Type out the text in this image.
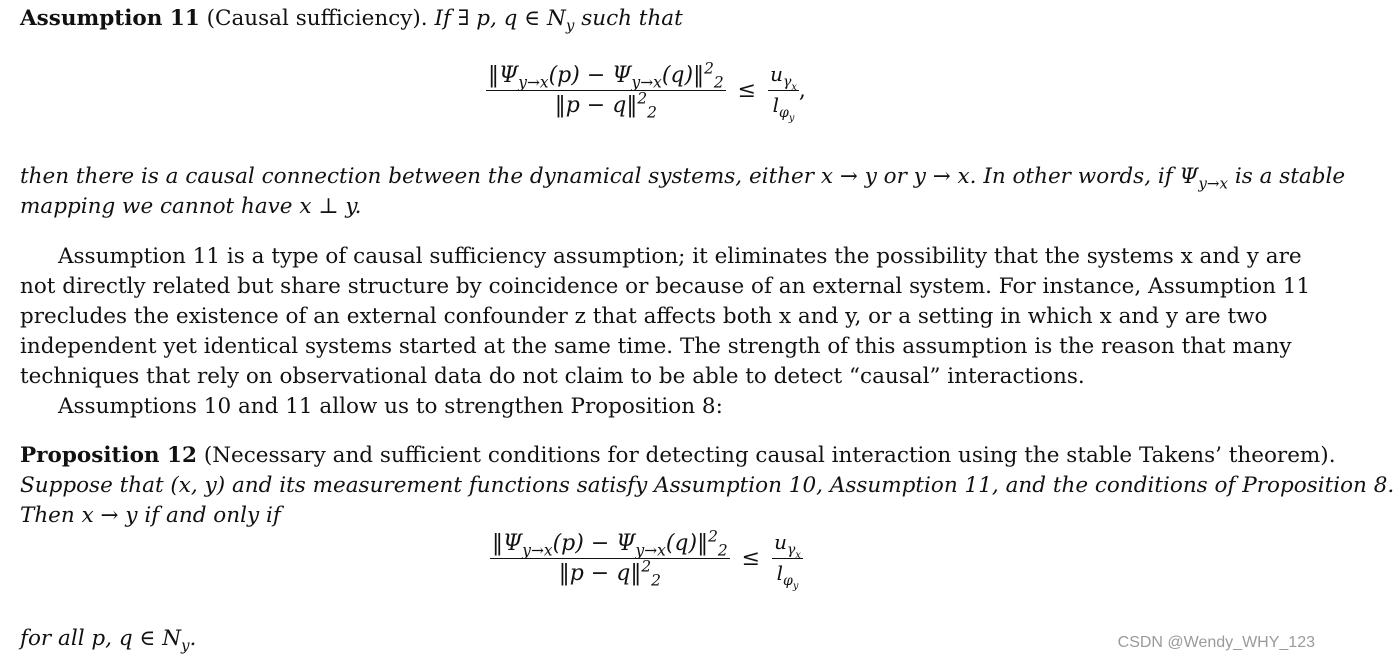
Assumption 11 (Causal sufficiency). If ∃ p, q ∈ $N_y$ such that
$\frac{‖\Psi_{y\to x}(p) - \Psi_{y\to x}(q)‖^2_2}{‖p - q‖^2_2} \le \frac{u_{\gamma_x}}{l_{\varphi_y}}$ ,
then there is a causal connection between the dynamical systems, either x → y or y → x. In other words, if $\Psi_{y\to x}$ is a stable
mapping we cannot have x ⊥ y.
Assumption 11 is a type of causal sufficiency assumption; it eliminates the possibility that the systems x and y are
not directly related but share structure by coincidence or because of an external system. For instance, Assumption 11
precludes the existence of an external confounder z that affects both x and y, or a setting in which x and y are two
independent yet identical systems started at the same time. The strength of this assumption is the reason that many
techniques that rely on observational data do not claim to be able to detect “causal” interactions.
Assumptions 10 and 11 allow us to strengthen Proposition 8:
Proposition 12 (Necessary and sufficient conditions for detecting causal interaction using the stable Takens’ theorem).
Suppose that (x, y) and its measurement functions satisfy Assumption 10, Assumption 11, and the conditions of Proposition 8.
Then x → y if and only if
$\frac{‖\Psi_{y\to x}(p) - \Psi_{y\to x}(q)‖^2_2}{‖p - q‖^2_2} \le \frac{u_{\gamma_x}}{l_{\varphi_y}}$
for all p, q ∈ $N_y$.	CSDN @Wendy_WHY_123
